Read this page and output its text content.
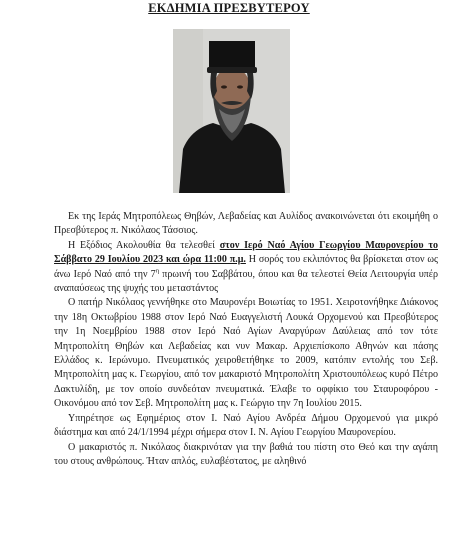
ΕΚΔΗΜΙΑ ΠΡΕΣΒΥΤΕΡΟΥ

Εκ της Ιεράς Μητροπόλεως Θηβών, Λεβαδείας και Αυλίδος ανακοινώνεται ότι εκοιμήθη ο Πρεσβύτερος π. Νικόλαος Τάσσιος.

Η Εξόδιος Ακολουθία θα τελεσθεί στον Ιερό Ναό Αγίου Γεωργίου Μαυρονερίου το Σάββατο 29 Ιουλίου 2023 και ώρα 11:00 π.μ. Η σορός του εκλιπόντος θα βρίσκεται στον ως άνω Ιερό Ναό από την $7^\eta$ πρωινή του Σαββάτου, όπου και θα τελεστεί Θεία Λειτουργία υπέρ αναπαύσεως της ψυχής του μεταστάντος

Ο πατήρ Νικόλαος γεννήθηκε στο Μαυρονέρι Βοιωτίας το 1951. Χειροτονήθηκε Διάκονος την 18η Οκτωβρίου 1988 στον Ιερό Ναό Ευαγγελιστή Λουκά Ορχομενού και Πρεσβύτερος την 1η Νοεμβρίου 1988 στον Ιερό Ναό Αγίων Αναργύρων Δαύλειας από τον τότε Μητροπολίτη Θηβών και Λεβαδείας και νυν Μακαρ. Αρχιεπίσκοπο Αθηνών και πάσης Ελλάδος κ. Ιερώνυμο. Πνευματικός χειροθετήθηκε το 2009, κατόπιν εντολής του Σεβ. Μητροπολίτη μας κ. Γεωργίου, από τον μακαριστό Μητροπολίτη Χριστουπόλεως κυρό Πέτρο Δακτυλίδη, με τον οποίο συνδεόταν πνευματικά. Έλαβε το οφφίκιο του Σταυροφόρου - Οικονόμου από τον Σεβ. Μητροπολίτη μας κ. Γεώργιο την 7η Ιουλίου 2015.

Υπηρέτησε ως Εφημέριος στον Ι. Ναό Αγίου Ανδρέα Δήμου Ορχομενού για μικρό διάστημα και από 24/1/1994 μέχρι σήμερα στον Ι. Ν. Αγίου Γεωργίου Μαυρονερίου.

Ο μακαριστός π. Νικόλαος διακρινόταν για την βαθιά του πίστη στο Θεό και την αγάπη του στους ανθρώπους. Ήταν απλός, ευλαβέστατος, με αληθινό
